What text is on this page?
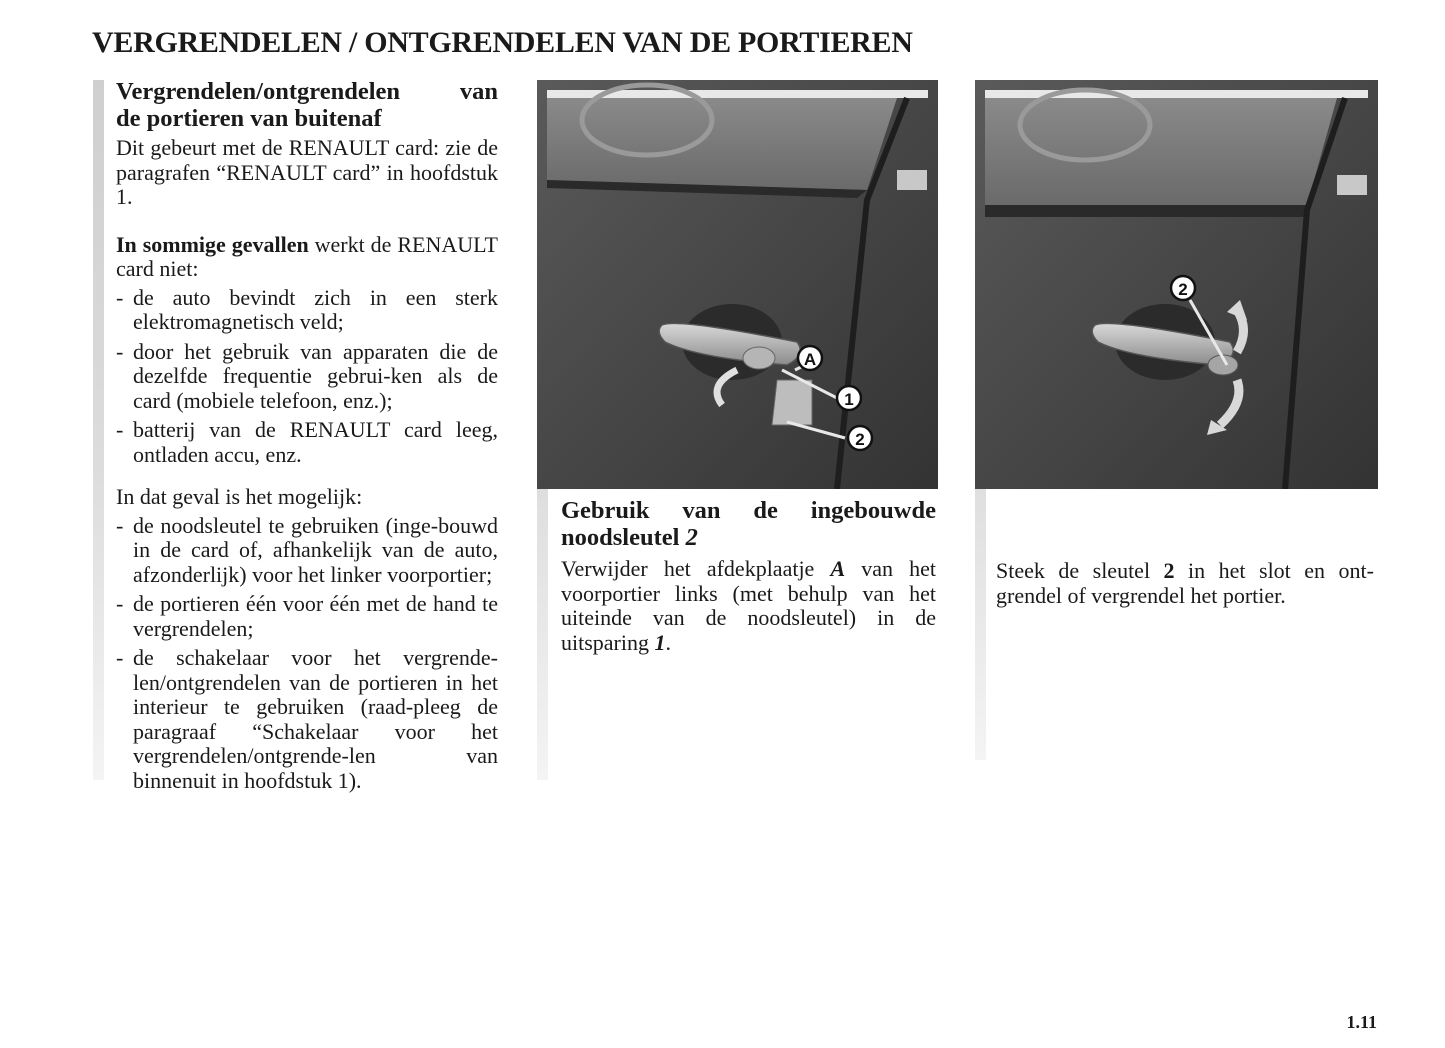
VERGRENDELEN / ONTGRENDELEN VAN DE PORTIEREN
Vergrendelen/ontgrendelen van
de portieren van buitenaf

Dit gebeurt met de RENAULT card: zie de paragrafen “RENAULT card” in hoofdstuk 1.

In sommige gevallen werkt de RENAULT card niet:

- de auto bevindt zich in een sterk elektromagnetisch veld;
- door het gebruik van apparaten die de dezelfde frequentie gebrui-ken als de card (mobiele telefoon, enz.);
- batterij van de RENAULT card leeg, ontladen accu, enz.

In dat geval is het mogelijk:

- de noodsleutel te gebruiken (inge-bouwd in de card of, afhankelijk van de auto, afzonderlijk) voor het linker voorportier;
- de portieren één voor één met de hand te vergrendelen;
- de schakelaar voor het vergrende-len/ontgrendelen van de portieren in het interieur te gebruiken (raad-pleeg de paragraaf “Schakelaar voor het vergrendelen/ontgrende-len van binnenuit in hoofdstuk 1).
A
1
2
Gebruik van de ingebouwde
noodsleutel 2

Verwijder het afdekplaatje A van het voorportier links (met behulp van het uiteinde van de noodsleutel) in de uitsparing 1.

2

Steek de sleutel 2 in het slot en ont-grendel of vergrendel het portier.

1.11
